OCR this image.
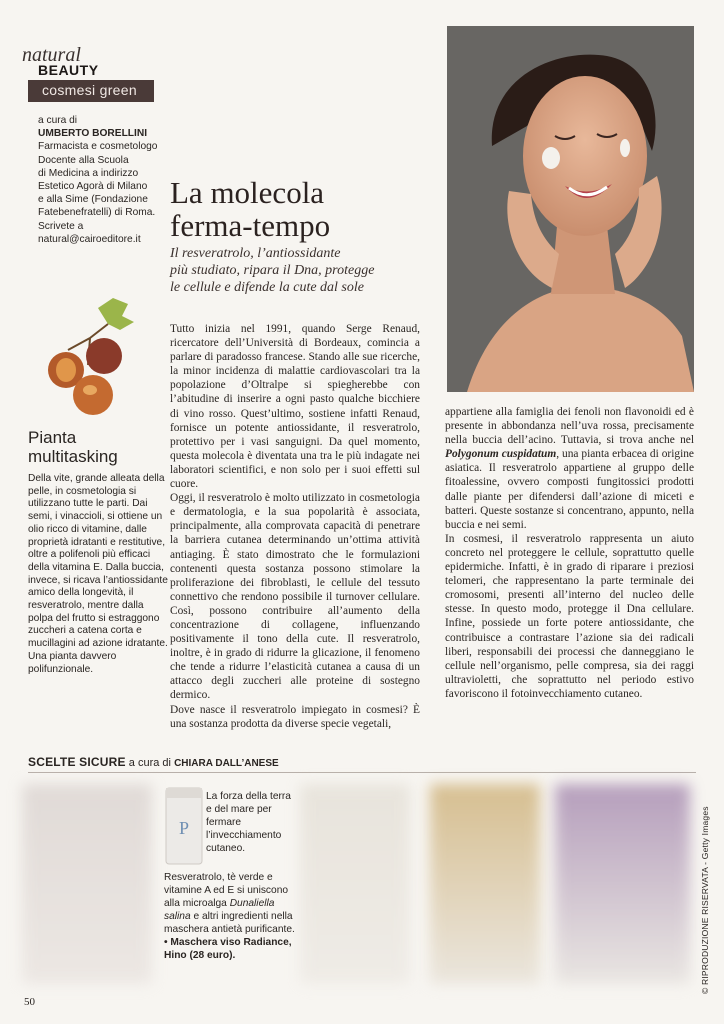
natural
BEAUTY
cosmesi green

a cura di

UMBERTO BORELLINI

Farmacista e cosmetologo

Docente alla Scuola

di Medicina a indirizzo

Estetico Agorà di Milano

e alla Sime (Fondazione

Fatebenefratelli) di Roma.

Scrivete a

natural@cairoeditore.it

La molecola
ferma-tempo
Il resveratrolo, l’antiossidante
più studiato, ripara il Dna, protegge
le cellule e difende la cute dal sole
Pianta
multitasking
Della vite, grande alleata della pelle, in cosmetologia si utilizzano tutte le parti. Dai semi, i vinaccioli, si ottiene un olio ricco di vitamine, dalle proprietà idratanti e restitutive, oltre a polifenoli più efficaci della vitamina E. Dalla buccia, invece, si ricava l’antiossidante amico della longevità, il resveratrolo, mentre dalla polpa del frutto si estraggono zuccheri a catena corta e mucillagini ad azione idratante. Una pianta davvero polifunzionale.

Tutto inizia nel 1991, quando Serge Renaud, ricercatore dell’Università di Bordeaux, comincia a parlare di paradosso francese. Stando alle sue ricerche, la minor incidenza di malattie cardiovascolari tra la popolazione d’Oltralpe si spiegherebbe con l’abitudine di inserire a ogni pasto qualche bicchiere di vino rosso. Quest’ultimo, sostiene infatti Renaud, fornisce un potente antiossidante, il resveratrolo, protettivo per i vasi sanguigni. Da quel momento, questa molecola è diventata una tra le più indagate nei laboratori scientifici, e non solo per i suoi effetti sul cuore.

Oggi, il resveratrolo è molto utilizzato in cosmetologia e dermatologia, e la sua popolarità è associata, principalmente, alla comprovata capacità di penetrare la barriera cutanea determinando un’ottima attività antiaging. È stato dimostrato che le formulazioni contenenti questa sostanza possono stimolare la proliferazione dei fibroblasti, le cellule del tessuto connettivo che rendono possibile il turnover cellulare. Così, possono contribuire all’aumento della concentrazione di collagene, influenzando positivamente il tono della cute. Il resveratrolo, inoltre, è in grado di ridurre la glicazione, il fenomeno che tende a ridurre l’elasticità cutanea a causa di un attacco degli zuccheri alle proteine di sostegno dermico.

Dove nasce il resveratrolo impiegato in cosmesi? È una sostanza prodotta da diverse specie vegetali,

appartiene alla famiglia dei fenoli non flavonoidi ed è presente in abbondanza nell’uva rossa, precisamente nella buccia dell’acino. Tuttavia, si trova anche nel Polygonum cuspidatum, una pianta erbacea di origine asiatica. Il resveratrolo appartiene al gruppo delle fitoalessine, ovvero composti fungitossici prodotti dalle piante per difendersi dall’azione di miceti e batteri. Queste sostanze si concentrano, appunto, nella buccia e nei semi.

In cosmesi, il resveratrolo rappresenta un aiuto concreto nel proteggere le cellule, soprattutto quelle epidermiche. Infatti, è in grado di riparare i preziosi telomeri, che rappresentano la parte terminale dei cromosomi, presenti all’interno del nucleo delle stesse. In questo modo, protegge il Dna cellulare. Infine, possiede un forte potere antiossidante, che contribuisce a contrastare l’azione sia dei radicali liberi, responsabili dei processi che danneggiano le cellule nell’organismo, pelle compresa, sia dei raggi ultravioletti, che soprattutto nel periodo estivo favoriscono il fotoinvecchiamento cutaneo.

SCELTE SICURE a cura di CHIARA DALL’ANESE
P
La forza della terra e del mare per fermare l’invecchiamento cutaneo.
Resveratrolo, tè verde e vitamine A ed E si uniscono alla microalga Dunaliella salina e altri ingredienti nella maschera antietà purificante.
• Maschera viso Radiance, Hino (28 euro).
50
© RIPRODUZIONE RISERVATA - Getty Images
